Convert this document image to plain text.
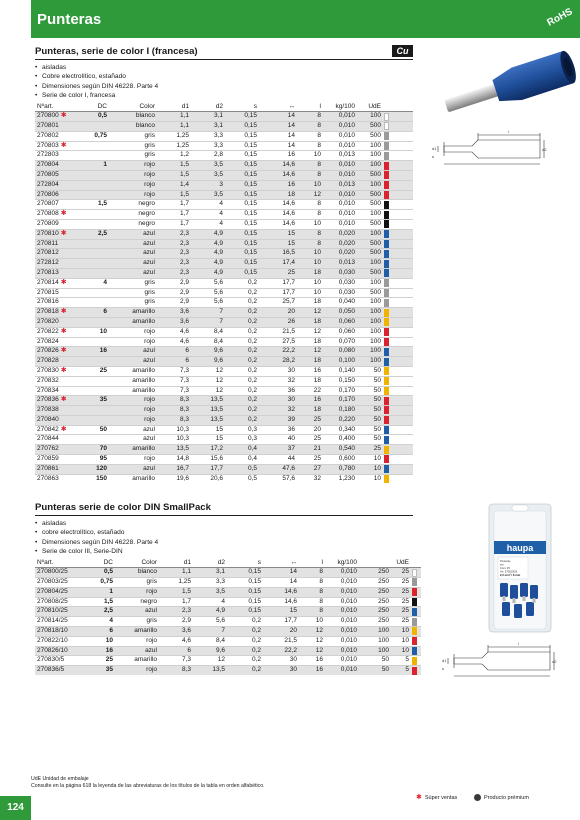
Punteras	RoHS
Punteras, serie de color I (francesa)	Cu
• aisladas
• Cobre electrolítico, estañado
• Dimensiones según DIN 46228. Parte 4
• Serie de color I, francesa
Nºart.	DC	Color	d1	d2	s	↔	l	kg/100	UdE	
270800 ✱	0,5	blanco	1,1	3,1	0,15	14	8	0,010	100	

270801		blanco	1,1	3,1	0,15	14	8	0,010	500	

270802	0,75	gris	1,25	3,3	0,15	14	8	0,010	500	

270803 ✱		gris	1,25	3,3	0,15	14	8	0,010	100	

272803		gris	1,2	2,8	0,15	16	10	0,013	100	

270804	1	rojo	1,5	3,5	0,15	14,6	8	0,010	100	

270805		rojo	1,5	3,5	0,15	14,6	8	0,010	500	

272804		rojo	1,4	3	0,15	16	10	0,013	100	

270806		rojo	1,5	3,5	0,15	18	12	0,010	500	

270807	1,5	negro	1,7	4	0,15	14,6	8	0,010	500	

270808 ✱		negro	1,7	4	0,15	14,6	8	0,010	100	

270809		negro	1,7	4	0,15	14,6	10	0,010	500	

270810 ✱	2,5	azul	2,3	4,9	0,15	15	8	0,020	100	

270811		azul	2,3	4,9	0,15	15	8	0,020	500	

270812		azul	2,3	4,9	0,15	16,5	10	0,020	500	

272812		azul	2,3	4,9	0,15	17,4	10	0,013	100	

270813		azul	2,3	4,9	0,15	25	18	0,030	500	

270814 ✱	4	gris	2,9	5,6	0,2	17,7	10	0,030	100	

270815		gris	2,9	5,6	0,2	17,7	10	0,030	500	

270816		gris	2,9	5,6	0,2	25,7	18	0,040	100	

270818 ✱	6	amarillo	3,6	7	0,2	20	12	0,050	100	

270820		amarillo	3,6	7	0,2	26	18	0,060	100	

270822 ✱	10	rojo	4,6	8,4	0,2	21,5	12	0,060	100	

270824		rojo	4,6	8,4	0,2	27,5	18	0,070	100	

270826 ✱	16	azul	6	9,6	0,2	22,2	12	0,080	100	

270828		azul	6	9,6	0,2	28,2	18	0,100	100	

270830 ✱	25	amarillo	7,3	12	0,2	30	16	0,140	50	

270832		amarillo	7,3	12	0,2	32	18	0,150	50	

270834		amarillo	7,3	12	0,2	36	22	0,170	50	

270836 ✱	35	rojo	8,3	13,5	0,2	30	16	0,170	50	

270838		rojo	8,3	13,5	0,2	32	18	0,180	50	

270840		rojo	8,3	13,5	0,2	39	25	0,220	50	

270842 ✱	50	azul	10,3	15	0,3	36	20	0,340	50	

270844		azul	10,3	15	0,3	40	25	0,400	50	

270762	70	amarillo	13,5	17,2	0,4	37	21	0,540	25	

270859	95	rojo	14,8	15,6	0,4	44	25	0,600	10	

270861	120	azul	16,7	17,7	0,5	47,6	27	0,780	10	

270863	150	amarillo	19,6	20,6	0,5	57,6	32	1,230	10	
l
d1	d2
s
Punteras serie de color DIN SmallPack
• aisladas
• cobre electrolítico, estañado
• Dimensiones según DIN 46228. Parte 4
• Serie de color III, Serie-DIN
Nºart.	DC	Color	d1	d2	s	↔	l	kg/100		UdE	
270800/25	0,5	blanco	1,1	3,1	0,15	14	8	0,010	250	25	

270803/25	0,75	gris	1,25	3,3	0,15	14	8	0,010	250	25	

270804/25	1	rojo	1,5	3,5	0,15	14,6	8	0,010	250	25	

270808/25	1,5	negro	1,7	4	0,15	14,6	8	0,010	250	25	

270810/25	2,5	azul	2,3	4,9	0,15	15	8	0,010	250	25	

270814/25	4	gris	2,9	5,6	0,2	17,7	10	0,010	250	25	

270818/10	6	amarillo	3,6	7	0,2	20	12	0,010	100	10	

270822/10	10	rojo	4,6	8,4	0,2	21,5	12	0,010	100	10	

270826/10	16	azul	6	9,6	0,2	22,2	12	0,010	100	10	

270830/5	25	amarillo	7,3	12	0,2	30	16	0,010	50	5	

270836/5	35	rojo	8,3	13,5	0,2	30	16	0,010	50	5	
haupa
Punteras
set
Cont. 25
Art. 270810/25
2,5 mm² / 8 mm
l
d1	d2
s
UdE Unidad de embalaje
Consulte en la página 618 la leyenda de las abreviaturas de los títulos de la tabla en orden alfabético.
124
✱ Súper ventas	Producto prémium
